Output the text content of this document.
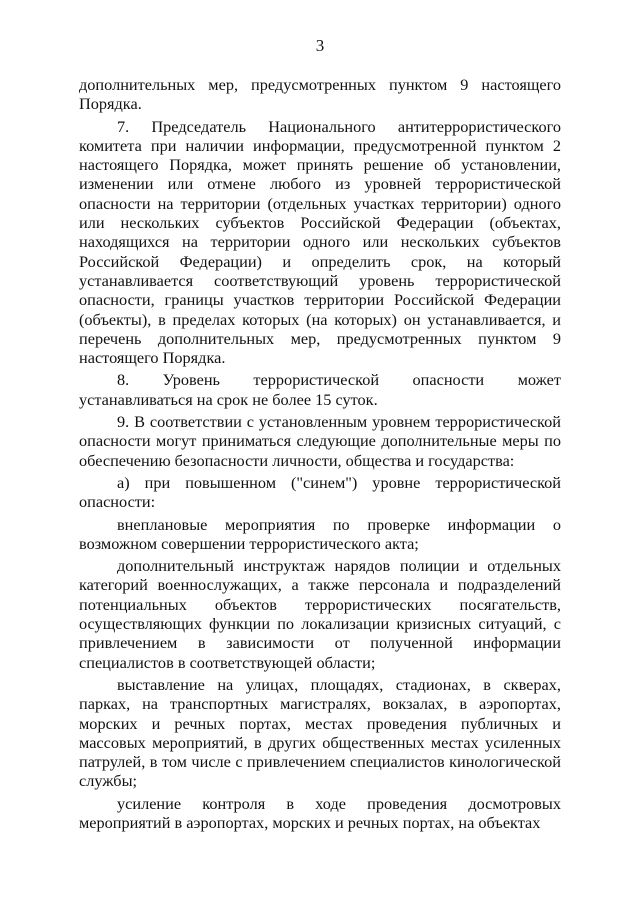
3

дополнительных мер, предусмотренных пунктом 9 настоящего Порядка.

7. Председатель Национального антитеррористического комитета при наличии информации, предусмотренной пунктом 2 настоящего Порядка, может принять решение об установлении, изменении или отмене любого из уровней террористической опасности на территории (отдельных участках территории) одного или нескольких субъектов Российской Федерации (объектах, находящихся на территории одного или нескольких субъектов Российской Федерации) и определить срок, на который устанавливается соответствующий уровень террористической опасности, границы участков территории Российской Федерации (объекты), в пределах которых (на которых) он устанавливается, и перечень дополнительных мер, предусмотренных пунктом 9 настоящего Порядка.

8. Уровень террористической опасности может устанавливаться на срок не более 15 суток.

9. В соответствии с установленным уровнем террористической опасности могут приниматься следующие дополнительные меры по обеспечению безопасности личности, общества и государства:

а) при повышенном ("синем") уровне террористической опасности:

внеплановые мероприятия по проверке информации о возможном совершении террористического акта;

дополнительный инструктаж нарядов полиции и отдельных категорий военнослужащих, а также персонала и подразделений потенциальных объектов террористических посягательств, осуществляющих функции по локализации кризисных ситуаций, с привлечением в зависимости от полученной информации специалистов в соответствующей области;

выставление на улицах, площадях, стадионах, в скверах, парках, на транспортных магистралях, вокзалах, в аэропортах, морских и речных портах, местах проведения публичных и массовых мероприятий, в других общественных местах усиленных патрулей, в том числе с привлечением специалистов кинологической службы;

усиление контроля в ходе проведения досмотровых мероприятий в аэропортах, морских и речных портах, на объектах
